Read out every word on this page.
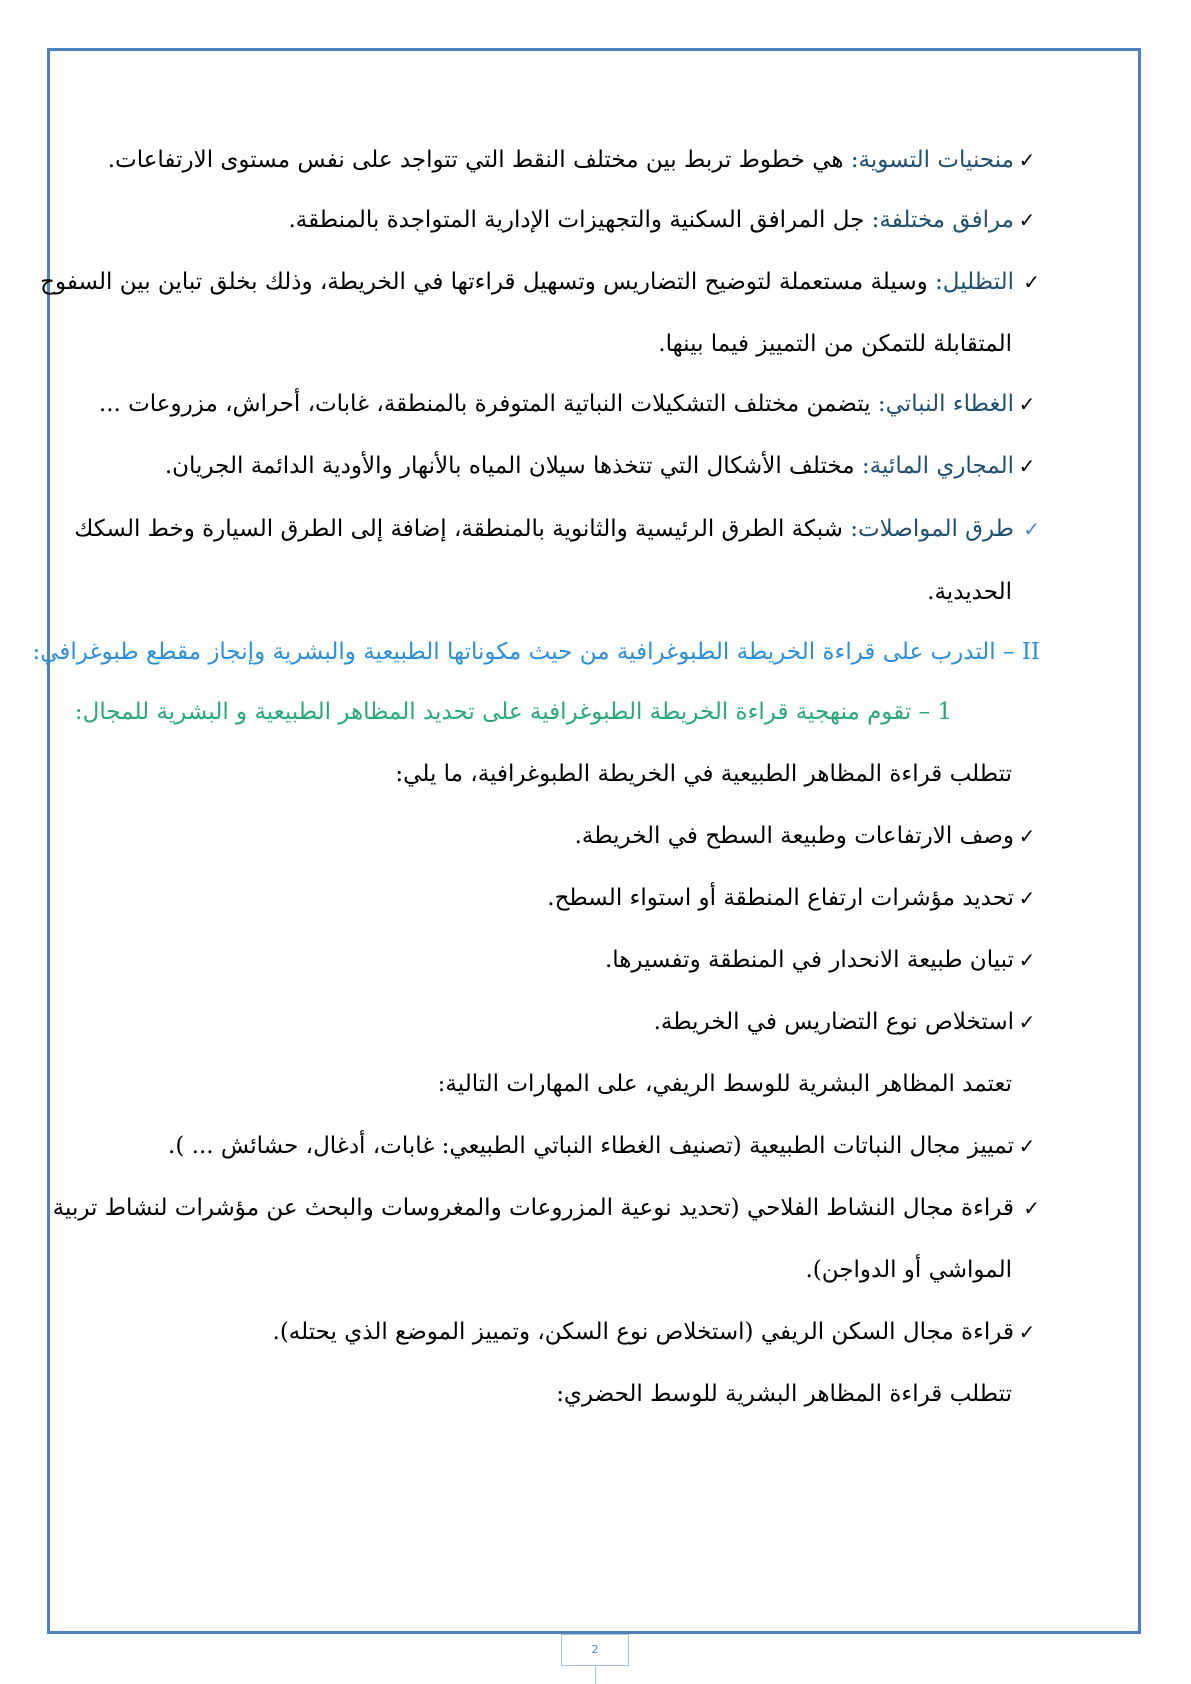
✓منحنيات التسوية: هي خطوط تربط بين مختلف النقط التي تتواجد على نفس مستوى الارتفاعات.
✓مرافق مختلفة: جل المرافق السكنية والتجهيزات الإدارية المتواجدة بالمنطقة.
✓التظليل: وسيلة مستعملة لتوضيح التضاريس وتسهيل قراءتها في الخريطة، وذلك بخلق تباين بين السفوح
المتقابلة للتمكن من التمييز فيما بينها.
✓الغطاء النباتي: يتضمن مختلف التشكيلات النباتية المتوفرة بالمنطقة، غابات، أحراش، مزروعات ...
✓المجاري المائية: مختلف الأشكال التي تتخذها سيلان المياه بالأنهار والأودية الدائمة الجريان.
✓طرق المواصلات: شبكة الطرق الرئيسية والثانوية بالمنطقة، إضافة إلى الطرق السيارة وخط السكك
الحديدية.
II – التدرب على قراءة الخريطة الطبوغرافية من حيث مكوناتها الطبيعية والبشرية وإنجاز مقطع طبوغرافي:
1 – تقوم منهجية قراءة الخريطة الطبوغرافية على تحديد المظاهر الطبيعية و البشرية للمجال:
تتطلب قراءة المظاهر الطبيعية في الخريطة الطبوغرافية، ما يلي:
✓وصف الارتفاعات وطبيعة السطح في الخريطة.
✓تحديد مؤشرات ارتفاع المنطقة أو استواء السطح.
✓تبيان طبيعة الانحدار في المنطقة وتفسيرها.
✓استخلاص نوع التضاريس في الخريطة.
تعتمد المظاهر البشرية للوسط الريفي، على المهارات التالية:
✓تمييز مجال النباتات الطبيعية (تصنيف الغطاء النباتي الطبيعي: غابات، أدغال، حشائش ... ).
✓قراءة مجال النشاط الفلاحي (تحديد نوعية المزروعات والمغروسات والبحث عن مؤشرات لنشاط تربية
المواشي أو الدواجن).
✓قراءة مجال السكن الريفي (استخلاص نوع السكن، وتمييز الموضع الذي يحتله).
تتطلب قراءة المظاهر البشرية للوسط الحضري:
2
